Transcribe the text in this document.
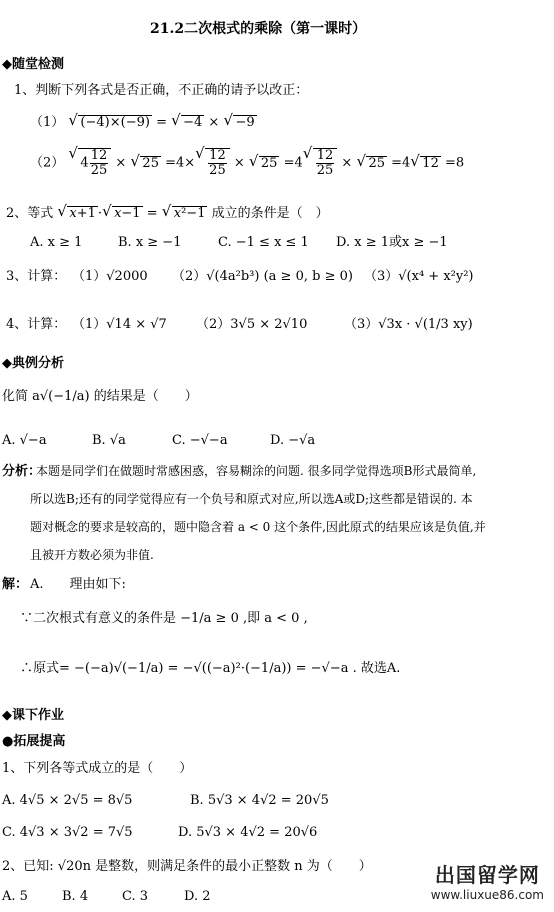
21.2二次根式的乘除（第一课时）
◆随堂检测
1、判断下列各式是否正确，不正确的请予以改正：
（1） √ (−4)×(−9) = √ −4 × √ −9
（2） √ $4 \frac{12}{25}$ × √ 25 =4× √ $\frac{12}{25}$ × √ 25 =4 √ $\frac{12}{25}$ × √ 25 =4 √ 12 =8
2、等式 √ x+1 · √ x−1 = √ x²−1 成立的条件是（　）
A. x ≥ 1	B. x ≥ −1	C. −1 ≤ x ≤ 1 D. x ≥ 1或x ≥ −1
3、计算： （1）√2000 （2）√(4a²b³) (a ≥ 0, b ≥ 0) （3）√(x⁴ + x²y²)
4、计算： （1）√14 × √7 （2）3√5 × 2√10	（3）√3x · √(1/3 xy)
◆典例分析
化简 a√(−1/a) 的结果是（　　）
A. √−a	B. √a	C. −√−a	D. −√a
分析：
本题是同学们在做题时常感困惑，容易糊涂的问题. 很多同学觉得选项B形式最简单,
所以选B;还有的同学觉得应有一个负号和原式对应,所以选A或D;这些都是错误的. 本
题对概念的要求是较高的，题中隐含着 a < 0 这个条件,因此原式的结果应该是负值,并
且被开方数必须为非值.
解： A.　　理由如下:
∵二次根式有意义的条件是 −1/a ≥ 0 ,即 a < 0 ,
∴原式= −(−a)√(−1/a) = −√((−a)²·(−1/a)) = −√−a . 故选A.
◆课下作业
●拓展提高
1、下列各等式成立的是（　　）
A. 4√5 × 2√5 = 8√5	B. 5√3 × 4√2 = 20√5
C. 4√3 × 3√2 = 7√5	D. 5√3 × 4√2 = 20√6
2、已知: √20n 是整数，则满足条件的最小正整数 n 为（　　）
A. 5	B. 4	C. 3	D. 2
出国留学网
www.liuxue86.com
